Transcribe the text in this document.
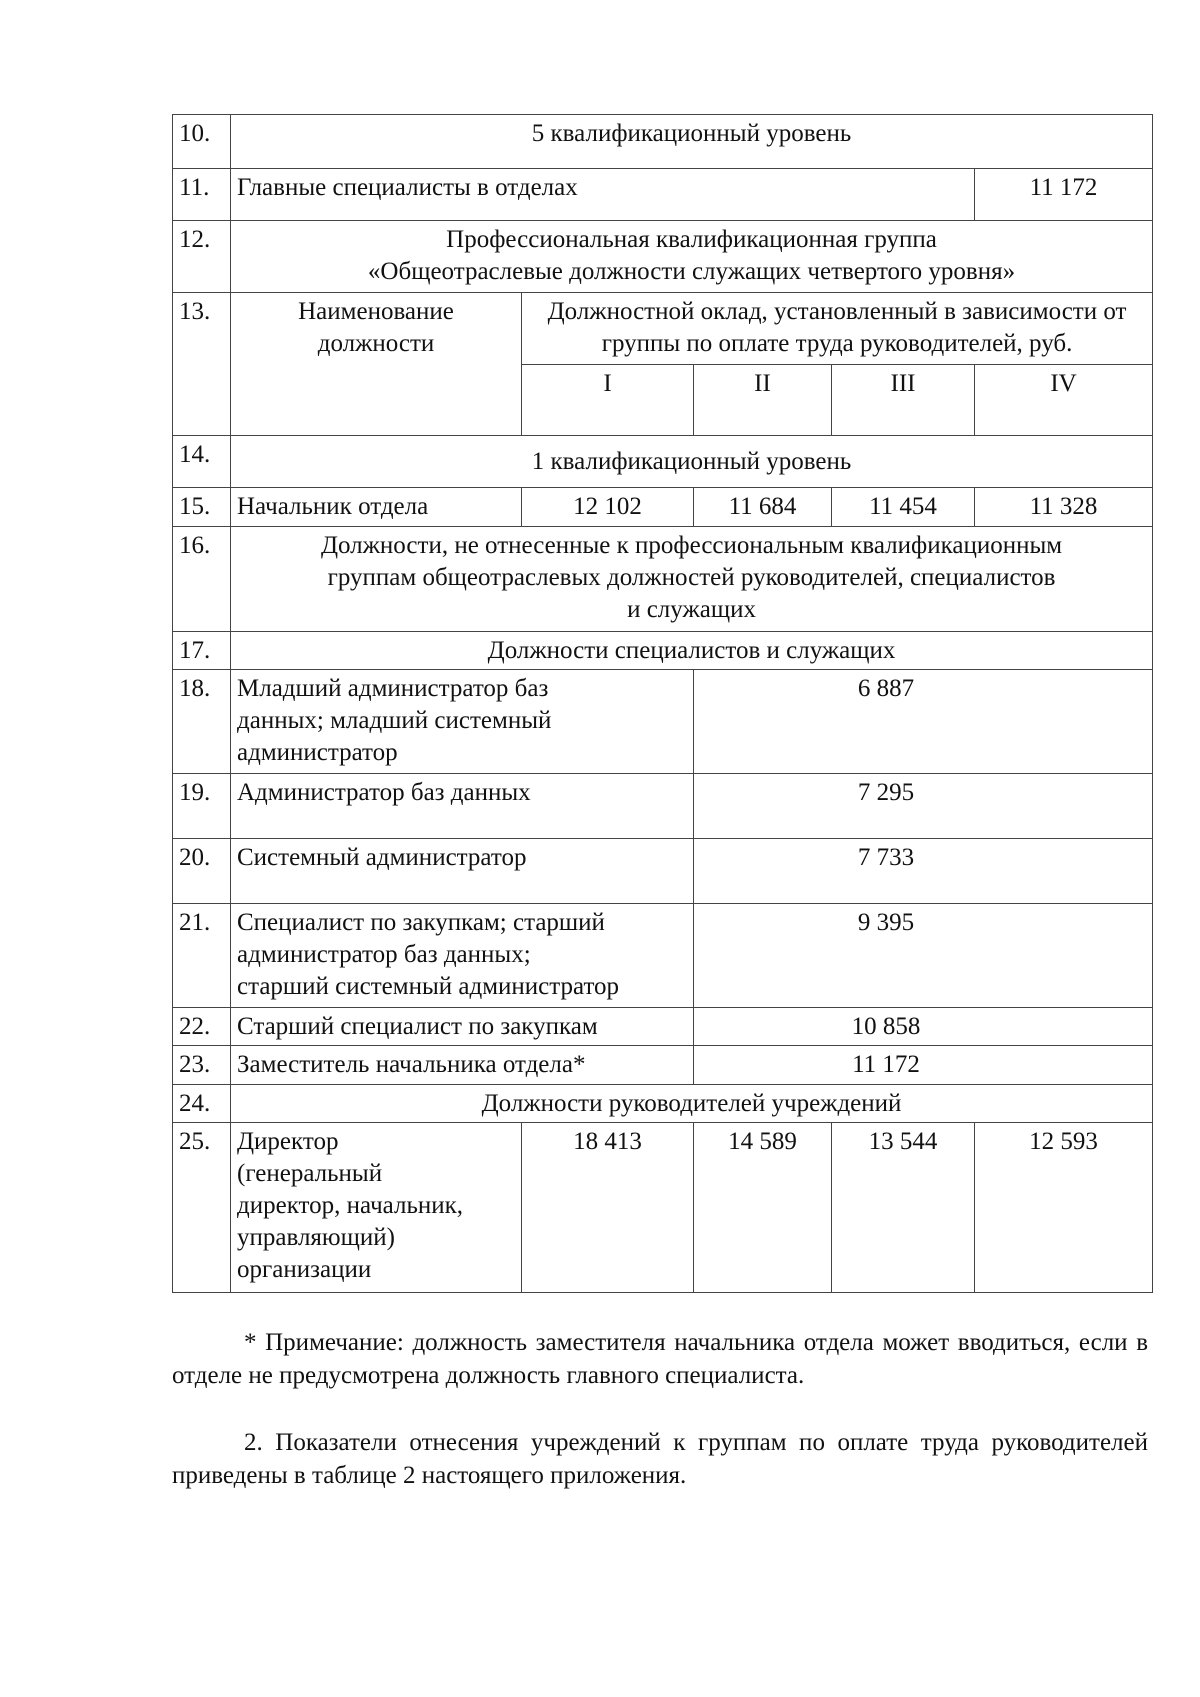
10.	5 квалификационный уровень				
11.	Главные специалисты в отделах				11 172
12.	Профессиональная квалификационная группа
«Общеотраслевые должности служащих четвертого уровня»				

13.	Наименование должности	Должностной оклад, установленный в зависимости от группы по оплате труда руководителей, руб.			
		I	II	III	IV
14.	1 квалификационный уровень				
15.	Начальник отдела	12 102	11 684	11 454	11 328
16.	Должности, не отнесенные к профессиональным квалификационным
группам общеотраслевых должностей руководителей, специалистов
и служащих				

17.	Должности специалистов и служащих				
18.	Младший администратор баз
данных; младший системный
администратор		6 887		
19.	Администратор баз данных		7 295		
20.	Системный администратор		7 733		
21.	Специалист по закупкам; старший
администратор баз данных;
старший системный администратор		9 395		
22.	Старший специалист по закупкам		10 858		
23.	Заместитель начальника отдела*		11 172		
24.	Должности руководителей учреждений				
25.	Директор
(генеральный
директор, начальник,
управляющий)
организации	18 413	14 589	13 544	12 593

* Примечание: должность заместителя начальника отдела может вводиться, если в отделе не предусмотрена должность главного специалиста.

2. Показатели отнесения учреждений к группам по оплате труда руководителей приведены в таблице 2 настоящего приложения.
